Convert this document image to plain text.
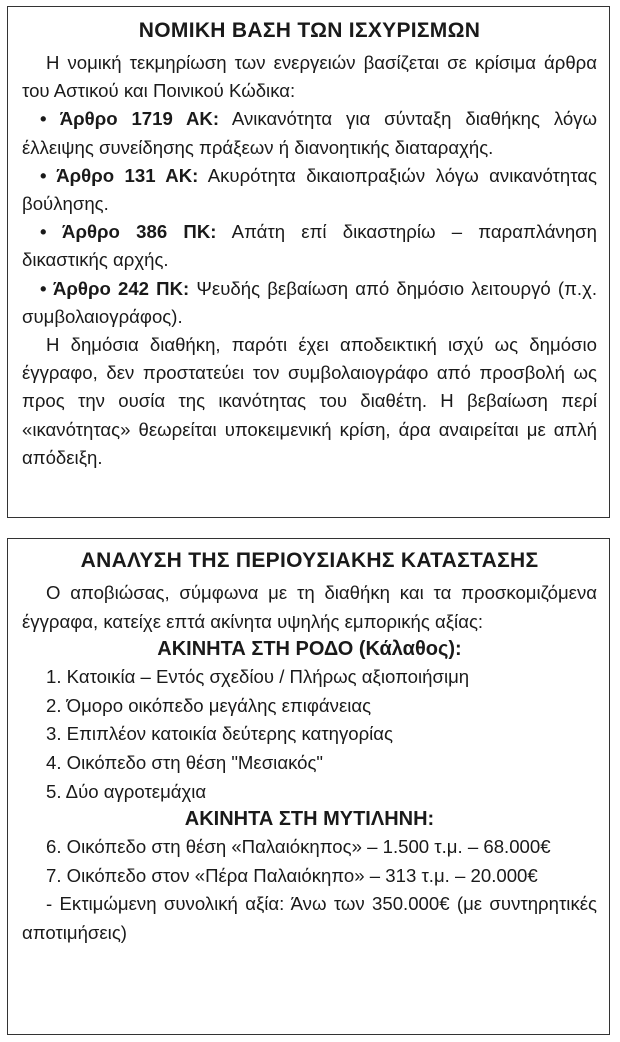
ΝΟΜΙΚΗ ΒΑΣΗ ΤΩΝ ΙΣΧΥΡΙΣΜΩΝ

Η νομική τεκμηρίωση των ενεργειών βασίζεται σε κρίσιμα άρθρα του Αστικού και Ποινικού Κώδικα:

• Άρθρο 1719 ΑΚ: Ανικανότητα για σύνταξη διαθήκης λόγω έλλειψης συνείδησης πράξεων ή διανοητικής διαταραχής.

• Άρθρο 131 ΑΚ: Ακυρότητα δικαιοπραξιών λόγω ανικανότητας βούλησης.

• Άρθρο 386 ΠΚ: Απάτη επί δικαστηρίω – παραπλάνηση δικαστικής αρχής.

• Άρθρο 242 ΠΚ: Ψευδής βεβαίωση από δημόσιο λειτουργό (π.χ. συμβολαιογράφος).

Η δημόσια διαθήκη, παρότι έχει αποδεικτική ισχύ ως δημόσιο έγγραφο, δεν προστατεύει τον συμβολαιογράφο από προσβολή ως προς την ουσία της ικανότητας του διαθέτη. Η βεβαίωση περί «ικανότητας» θεωρείται υποκειμενική κρίση, άρα αναιρείται με απλή απόδειξη.

ΑΝΑΛΥΣΗ ΤΗΣ ΠΕΡΙΟΥΣΙΑΚΗΣ ΚΑΤΑΣΤΑΣΗΣ

Ο αποβιώσας, σύμφωνα με τη διαθήκη και τα προσκομιζόμενα έγγραφα, κατείχε επτά ακίνητα υψηλής εμπορικής αξίας:

ΑΚΙΝΗΤΑ ΣΤΗ ΡΟΔΟ (Κάλαθος):

1. Κατοικία – Εντός σχεδίου / Πλήρως αξιοποιήσιμη

2. Όμορο οικόπεδο μεγάλης επιφάνειας

3. Επιπλέον κατοικία δεύτερης κατηγορίας

4. Οικόπεδο στη θέση "Μεσιακός"

5. Δύο αγροτεμάχια

ΑΚΙΝΗΤΑ ΣΤΗ ΜΥΤΙΛΗΝΗ:

6. Οικόπεδο στη θέση «Παλαιόκηπος» – 1.500 τ.μ. – 68.000€

7. Οικόπεδο στον «Πέρα Παλαιόκηπο» – 313 τ.μ. – 20.000€

- Εκτιμώμενη συνολική αξία: Άνω των 350.000€ (με συντηρητικές αποτιμήσεις)
